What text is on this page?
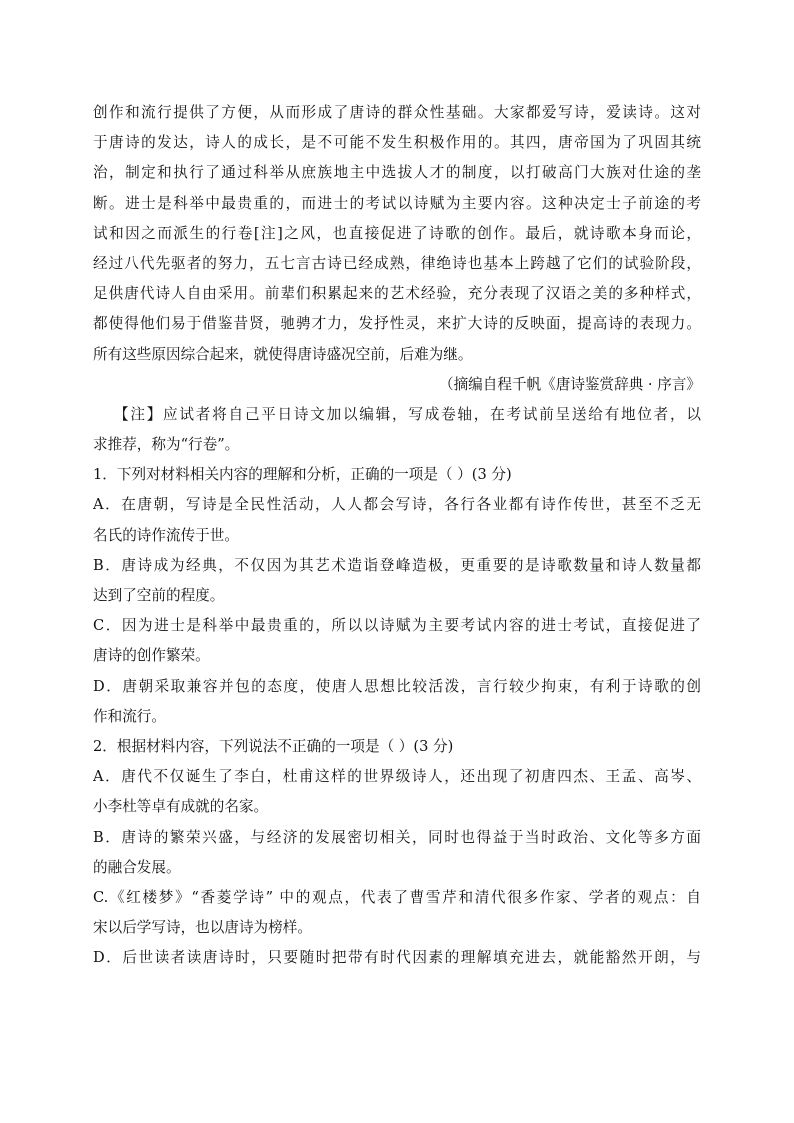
创作和流行提供了方便，从而形成了唐诗的群众性基础。大家都爱写诗，爱读诗。这对
于唐诗的发达，诗人的成长，是不可能不发生积极作用的。其四，唐帝国为了巩固其统
治，制定和执行了通过科举从庶族地主中选拔人才的制度，以打破高门大族对仕途的垄
断。进士是科举中最贵重的，而进士的考试以诗赋为主要内容。这种决定士子前途的考
试和因之而派生的行卷[注]之风，也直接促进了诗歌的创作。最后，就诗歌本身而论，
经过八代先驱者的努力，五七言古诗已经成熟，律绝诗也基本上跨越了它们的试验阶段，
足供唐代诗人自由采用。前辈们积累起来的艺术经验，充分表现了汉语之美的多种样式，
都使得他们易于借鉴昔贤，驰骋才力，发抒性灵，来扩大诗的反映面，提高诗的表现力。
所有这些原因综合起来，就使得唐诗盛况空前，后难为继。
（摘编自程千帆《唐诗鉴赏辞典 · 序言》
【注】应试者将自己平日诗文加以编辑，写成卷轴，在考试前呈送给有地位者，以
求推荐，称为“行卷”。
1．下列对材料相关内容的理解和分析，正确的一项是（ ）(3 分)
A．在唐朝，写诗是全民性活动，人人都会写诗，各行各业都有诗作传世，甚至不乏无
名氏的诗作流传于世。
B．唐诗成为经典，不仅因为其艺术造诣登峰造极，更重要的是诗歌数量和诗人数量都
达到了空前的程度。
C．因为进士是科举中最贵重的，所以以诗赋为主要考试内容的进士考试，直接促进了
唐诗的创作繁荣。
D．唐朝采取兼容并包的态度，使唐人思想比较活泼，言行较少拘束，有利于诗歌的创
作和流行。
2．根据材料内容，下列说法不正确的一项是（ ）(3 分)
A．唐代不仅诞生了李白，杜甫这样的世界级诗人，还出现了初唐四杰、王孟、高岑、
小李杜等卓有成就的名家。
B．唐诗的繁荣兴盛，与经济的发展密切相关，同时也得益于当时政治、文化等多方面
的融合发展。
C.《红楼梦》“香菱学诗” 中的观点，代表了曹雪芹和清代很多作家、学者的观点：自
宋以后学写诗，也以唐诗为榜样。
D．后世读者读唐诗时，只要随时把带有时代因素的理解填充进去，就能豁然开朗，与
